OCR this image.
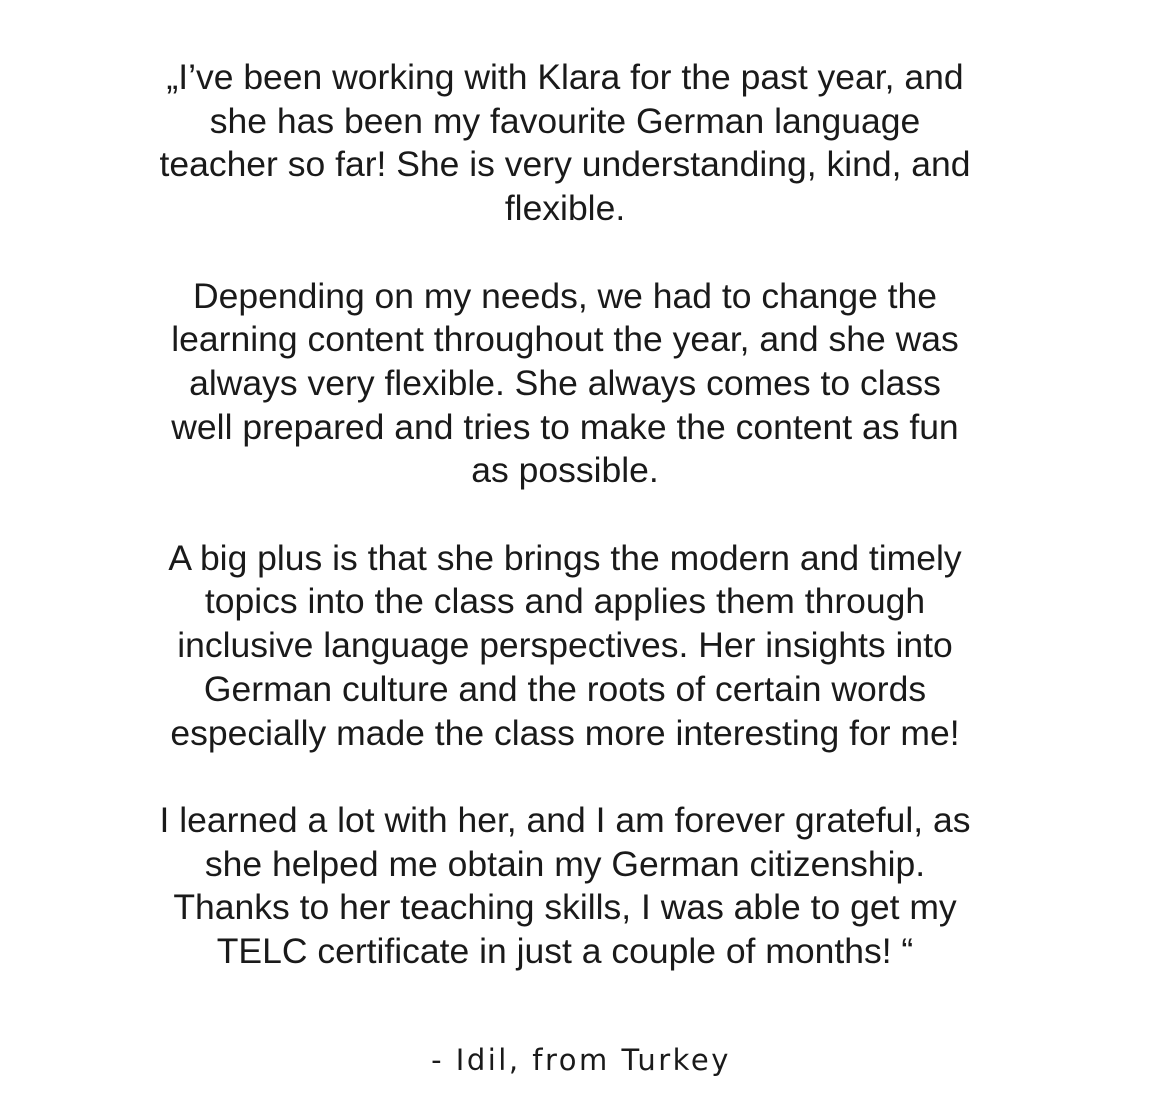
„I’ve been working with Klara for the past year, and
she has been my favourite German language
teacher so far! She is very understanding, kind, and
flexible.

Depending on my needs, we had to change the
learning content throughout the year, and she was
always very flexible. She always comes to class
well prepared and tries to make the content as fun
as possible.

A big plus is that she brings the modern and timely
topics into the class and applies them through
inclusive language perspectives. Her insights into
German culture and the roots of certain words
especially made the class more interesting for me!

I learned a lot with her, and I am forever grateful, as
she helped me obtain my German citizenship.
Thanks to her teaching skills, I was able to get my
TELC certificate in just a couple of months! “

- Idil, from Turkey
